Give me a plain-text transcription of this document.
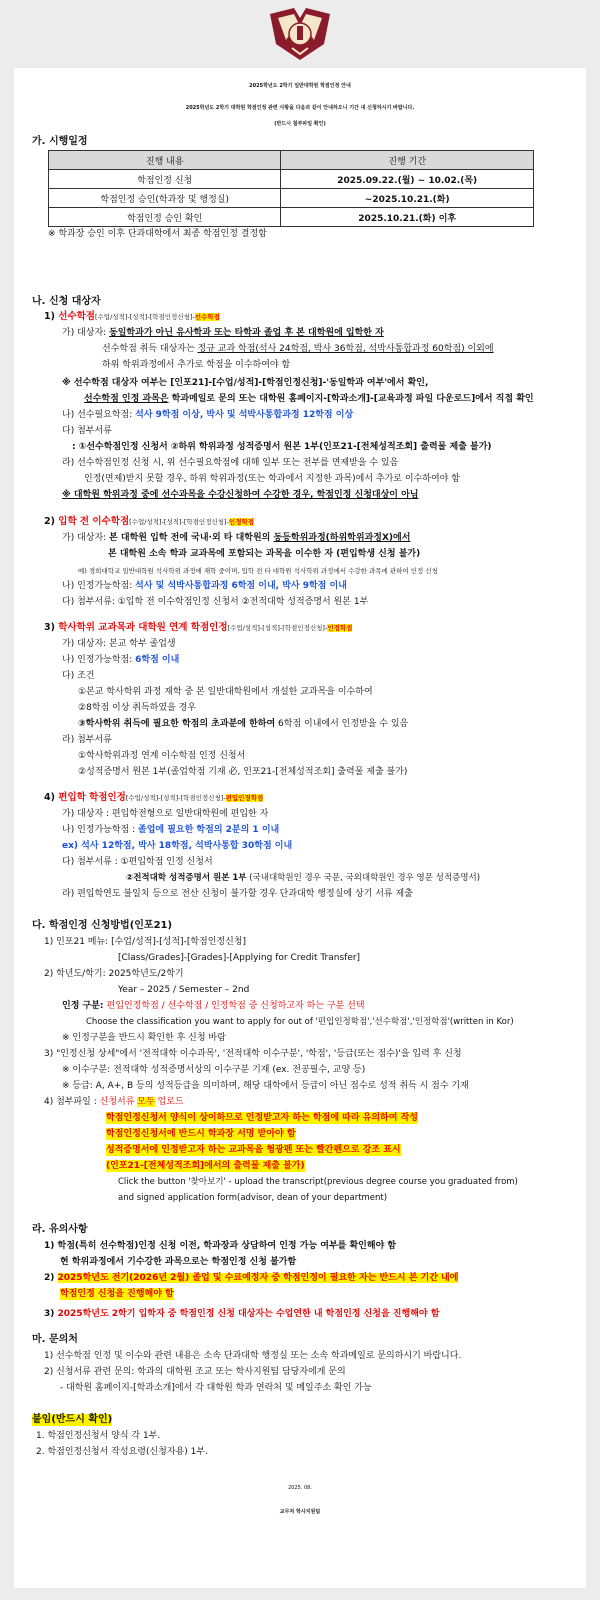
2025학년도 2학기 일반대학원 학점인정 안내
2025학년도 2학기 대학원 학점인정 관련 사항을 다음과 같이 안내하오니 기간 내 신청하시기 바랍니다.
(반드시 첨부파일 확인)
가. 시행일정
진행 내용	진행 기간
학점인정 신청	2025.09.22.(월) ~ 10.02.(목)
학점인정 승인(학과장 및 행정실)	~2025.10.21.(화)
학점인정 승인 확인	2025.10.21.(화) 이후
※ 학과장 승인 이후 단과대학에서 최종 학점인정 결정함
나. 신청 대상자
1) 선수학점[수업/성적]-[성적]-[학점인정신청]-선수학점
가) 대상자: 동일학과가 아닌 유사학과 또는 타학과 졸업 후 본 대학원에 입학한 자
선수학점 취득 대상자는 정규 교과 학점(석사 24학점, 박사 36학점, 석박사통합과정 60학점) 이외에
하위 학위과정에서 추가로 학점을 이수하여야 함
※ 선수학점 대상자 여부는 [인포21]-[수업/성적]-[학점인정신청]-'동일학과 여부'에서 확인,
선수학점 인정 과목은 학과메일로 문의 또는 대학원 홈페이지-[학과소개]-[교육과정 파일 다운로드]에서 직접 확인
나) 선수필요학점: 석사 9학점 이상, 박사 및 석박사통합과정 12학점 이상
다) 첨부서류
: ①선수학점인정 신청서 ②하위 학위과정 성적증명서 원본 1부(인포21-[전체성적조회] 출력물 제출 불가)
라) 선수학점인정 신청 시, 위 선수필요학점에 대해 일부 또는 전부를 면제받을 수 있음
인정(면제)받지 못할 경우, 하위 학위과정(또는 학과에서 지정한 과목)에서 추가로 이수하여야 함
※ 대학원 학위과정 중에 선수과목을 수강신청하여 수강한 경우, 학점인정 신청대상이 아님
2) 입학 전 이수학점[수업/성적]-[성적]-[학점인정신청]-인정학점
가) 대상자: 본 대학원 입학 전에 국내·외 타 대학원의 동등학위과정(하위학위과정X)에서
본 대학원 소속 학과 교과목에 포함되는 과목을 이수한 자 (편입학생 신청 불가)
예) 경희대학교 일반대학원 석사학위 과정에 재학 중이며, 입학 전 타 대학원 석사학위 과정에서 수강한 과목에 관하여 인정 신청
나) 인정가능학점: 석사 및 석박사통합과정 6학점 이내, 박사 9학점 이내
다) 첨부서류: ①입학 전 이수학점인정 신청서 ②전적대학 성적증명서 원본 1부
3) 학사학위 교과목과 대학원 연계 학점인정[수업/성적]-[성적]-[학점인정신청]-인정학점
가) 대상자: 본교 학부 졸업생
나) 인정가능학점: 6학점 이내
다) 조건
①본교 학사학위 과정 재학 중 본 일반대학원에서 개설한 교과목을 이수하여
②8학점 이상 취득하였을 경우
③학사학위 취득에 필요한 학점의 초과분에 한하여 6학점 이내에서 인정받을 수 있음
라) 첨부서류
①학사학위과정 연계 이수학점 인정 신청서
②성적증명서 원본 1부(졸업학점 기재 必, 인포21-[전체성적조회] 출력물 제출 불가)
4) 편입학 학점인정[수업/성적]-[성적]-[학점인정신청]-편입인정학점
가) 대상자 : 편입학전형으로 일반대학원에 편입한 자
나) 인정가능학점 : 졸업에 필요한 학점의 2분의 1 이내
ex) 석사 12학점, 박사 18학점, 석박사통합 30학점 이내
다) 첨부서류 : ①편입학점 인정 신청서
②전적대학 성적증명서 원본 1부 (국내대학원인 경우 국문, 국외대학원인 경우 영문 성적증명서)
라) 편입학연도 불일치 등으로 전산 신청이 불가할 경우 단과대학 행정실에 상기 서류 제출
다. 학점인정 신청방법(인포21)
1) 인포21 메뉴: [수업/성적]-[성적]-[학점인정신청]
[Class/Grades]-[Grades]-[Applying for Credit Transfer]
2) 학년도/학기: 2025학년도/2학기
Year – 2025 / Semester – 2nd
인정 구분: 편입인정학점 / 선수학점 / 인정학점 중 신청하고자 하는 구분 선택
Choose the classification you want to apply for out of '편입인정학점','선수학점','인정학점'(written in Kor)
※ 인정구분을 반드시 확인한 후 신청 바람
3) "인정신청 상세"에서 '전적대학 이수과목', '전적대학 이수구분', '학점', '등급(또는 점수)'을 입력 후 신청
※ 이수구분: 전적대학 성적증명서상의 이수구분 기재 (ex. 전공필수, 교양 등)
※ 등급: A, A+, B 등의 성적등급을 의미하며, 해당 대학에서 등급이 아닌 점수로 성적 취득 시 점수 기재
4) 첨부파일 : 신청서류 모두 업로드
학점인정신청서 양식이 상이하므로 인정받고자 하는 학점에 따라 유의하여 작성
학점인정신청서에 반드시 학과장 서명 받아야 함
성적증명서에 인정받고자 하는 교과목을 형광펜 또는 빨간펜으로 강조 표시
(인포21-[전체성적조회]에서의 출력물 제출 불가)
Click the button '찾아보기' - upload the transcript(previous degree course you graduated from)
and signed application form(advisor, dean of your department)
라. 유의사항
1) 학점(특히 선수학점)인정 신청 이전, 학과장과 상담하여 인정 가능 여부를 확인해야 함
현 학위과정에서 기수강한 과목으로는 학점인정 신청 불가함
2) 2025학년도 전기(2026년 2월) 졸업 및 수료예정자 중 학점인정이 필요한 자는 반드시 본 기간 내에
학점인정 신청을 진행해야 함
3) 2025학년도 2학기 입학자 중 학점인정 신청 대상자는 수업연한 내 학점인정 신청을 진행해야 함
마. 문의처
1) 선수학점 인정 및 이수와 관련 내용은 소속 단과대학 행정실 또는 소속 학과메일로 문의하시기 바랍니다.
2) 신청서류 관련 문의: 학과의 대학원 조교 또는 학사지원팀 담당자에게 문의
- 대학원 홈페이지-[학과소개]에서 각 대학원 학과 연락처 및 메일주소 확인 가능
붙임(반드시 확인)
1. 학점인정신청서 양식 각 1부.
2. 학점인정신청서 작성요령(신청자용) 1부.
2025. 08.
교무처 학사지원팀
